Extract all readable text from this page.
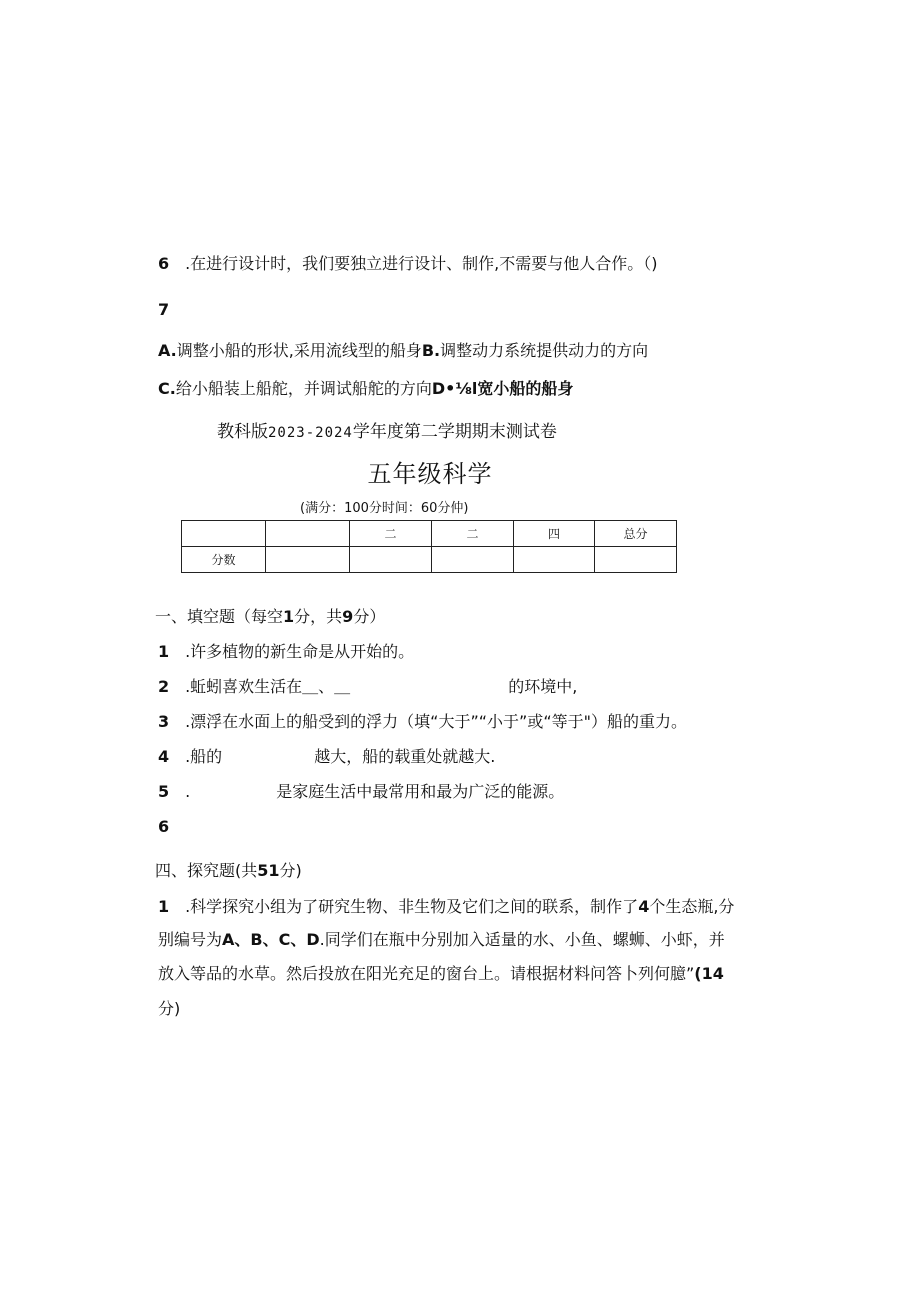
6 .在进行设计时，我们要独立进行设计、制作,不需要与他人合作。（)
7
A.调整小船的形状,采用流线型的船身B.调整动力系统提供动力的方向
C.给小船装上船舵，并调试船舵的方向D•⅛l宽小船的船身
教科版2023-2024学年度第二学期期末测试卷
五年级科学
(满分：100分时间：60分仲)
		二	二	四	总分
分数					
一、填空题（每空1分，共9分）
1 .许多植物的新生命是从开始的。
2 .蚯蚓喜欢生活在＿、＿	的环境中,
3 .漂浮在水面上的船受到的浮力（填“大于”“小于”或“等于"）船的重力。
4 .船的	越大，船的载重处就越大.
5 .	是家庭生活中最常用和最为广泛的能源。
6
四、探究题(共51分)
1 .科学探究小组为了研究生物、非生物及它们之间的联系，制作了4个生态瓶,分
别编号为A、B、C、D.同学们在瓶中分别加入适量的水、小鱼、螺蛳、小虾，并
放入等品的水草。然后投放在阳光充足的窗台上。请根据材料问答卜列何臆”(14
分)
